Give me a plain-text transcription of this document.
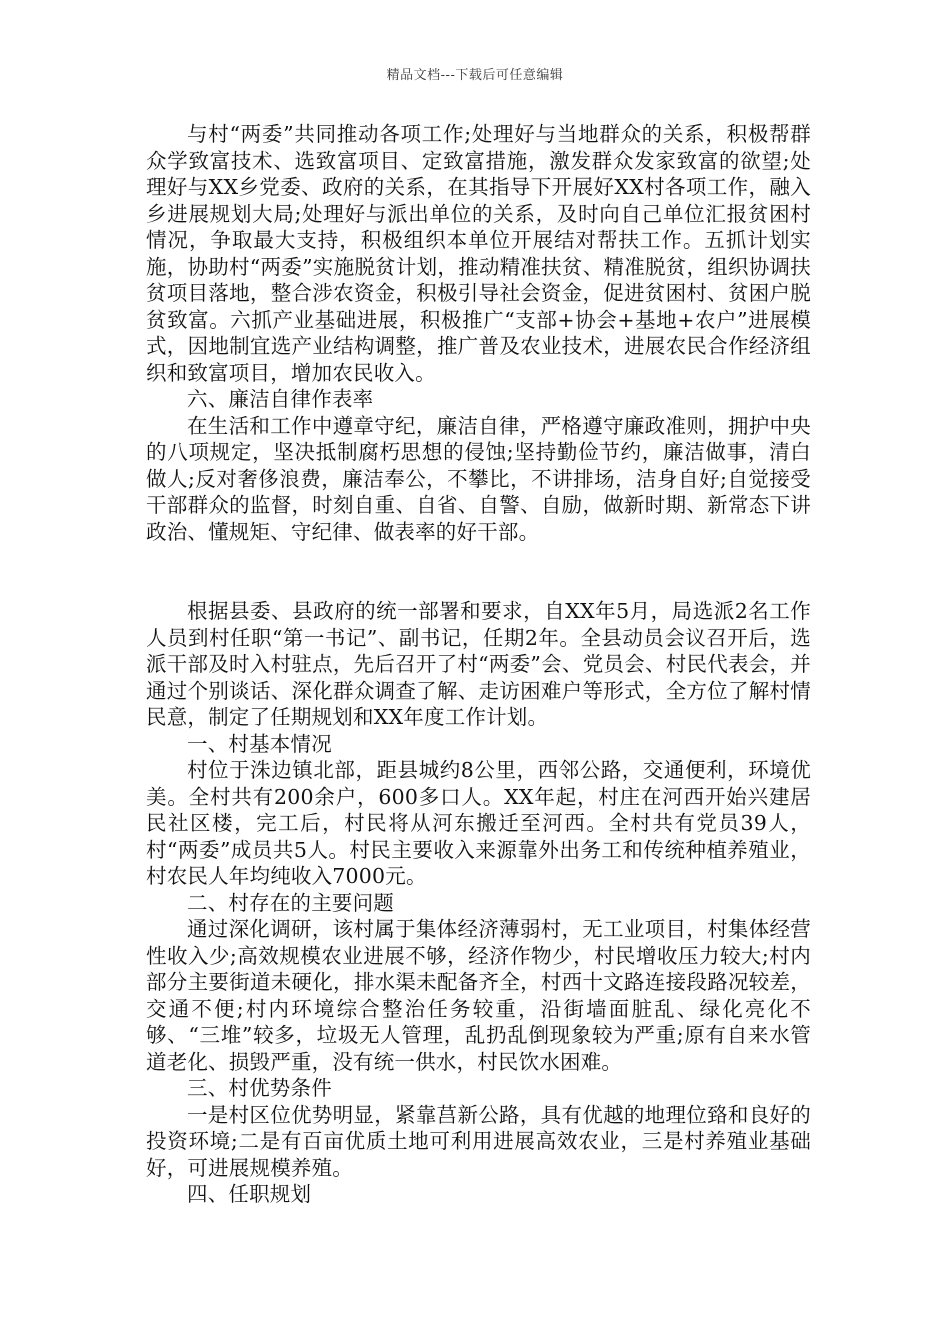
精品文档---下载后可任意编辑

与村“两委”共同推动各项工作;处理好与当地群众的关系，积极帮群众学致富技术、选致富项目、定致富措施，激发群众发家致富的欲望;处理好与XX乡党委、政府的关系，在其指导下开展好XX村各项工作，融入乡进展规划大局;处理好与派出单位的关系，及时向自己单位汇报贫困村情况，争取最大支持，积极组织本单位开展结对帮扶工作。五抓计划实施，协助村“两委”实施脱贫计划，推动精准扶贫、精准脱贫，组织协调扶贫项目落地，整合涉农资金，积极引导社会资金，促进贫困村、贫困户脱贫致富。六抓产业基础进展，积极推广“支部+协会+基地+农户”进展模式，因地制宜选产业结构调整，推广普及农业技术，进展农民合作经济组织和致富项目，增加农民收入。

六、廉洁自律作表率

在生活和工作中遵章守纪，廉洁自律，严格遵守廉政准则，拥护中央的八项规定，坚决抵制腐朽思想的侵蚀;坚持勤俭节约，廉洁做事，清白做人;反对奢侈浪费，廉洁奉公，不攀比，不讲排场，洁身自好;自觉接受干部群众的监督，时刻自重、自省、自警、自励，做新时期、新常态下讲政治、懂规矩、守纪律、做表率的好干部。

根据县委、县政府的统一部署和要求，自XX年5月，局选派2名工作人员到村任职“第一书记”、副书记，任期2年。全县动员会议召开后，选派干部及时入村驻点，先后召开了村“两委”会、党员会、村民代表会，并通过个别谈话、深化群众调查了解、走访困难户等形式，全方位了解村情民意，制定了任期规划和XX年度工作计划。

一、村基本情况

村位于洙边镇北部，距县城约8公里，西邻公路，交通便利，环境优美。全村共有200余户，600多口人。XX年起，村庄在河西开始兴建居民社区楼，完工后，村民将从河东搬迁至河西。全村共有党员39人，村“两委”成员共5人。村民主要收入来源靠外出务工和传统种植养殖业，村农民人年均纯收入7000元。

二、村存在的主要问题

通过深化调研，该村属于集体经济薄弱村，无工业项目，村集体经营性收入少;高效规模农业进展不够，经济作物少，村民增收压力较大;村内部分主要街道未硬化，排水渠未配备齐全，村西十文路连接段路况较差，交通不便;村内环境综合整治任务较重，沿街墙面脏乱、绿化亮化不够、“三堆”较多，垃圾无人管理，乱扔乱倒现象较为严重;原有自来水管道老化、损毁严重，没有统一供水，村民饮水困难。

三、村优势条件

一是村区位优势明显，紧靠莒新公路，具有优越的地理位臵和良好的投资环境;二是有百亩优质土地可利用进展高效农业，三是村养殖业基础好，可进展规模养殖。

四、任职规划
